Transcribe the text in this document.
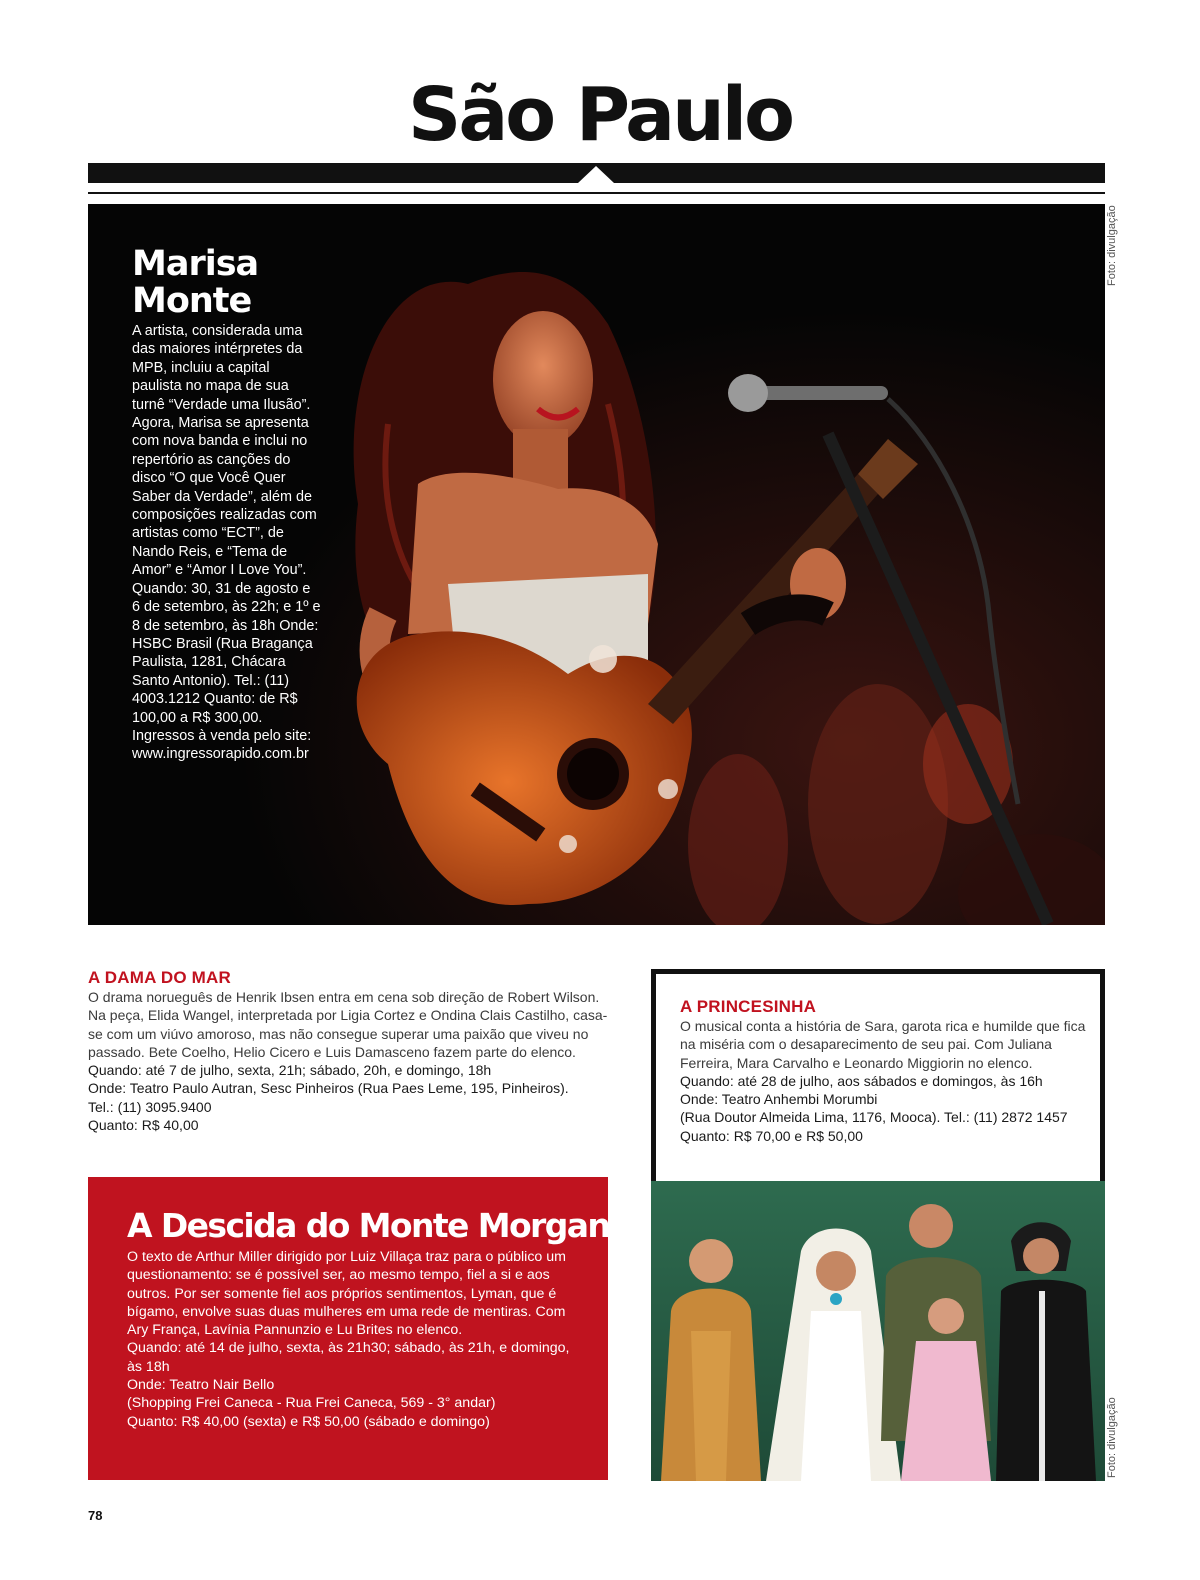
São Paulo
Marisa Monte
A artista, considerada uma das maiores intérpretes da MPB, incluiu a capital paulista no mapa de sua turnê “Verdade uma Ilusão”. Agora, Marisa se apresenta com nova banda e inclui no repertório as canções do disco “O que Você Quer Saber da Verdade”, além de composições realizadas com artistas como “ECT”, de Nando Reis, e “Tema de Amor” e “Amor I Love You”. Quando: 30, 31 de agosto e 6 de setembro, às 22h; e 1º e 8 de setembro, às 18h Onde: HSBC Brasil (Rua Bragança Paulista, 1281, Chácara Santo Antonio). Tel.: (11) 4003.1212 Quanto: de R$ 100,00 a R$ 300,00. Ingressos à venda pelo site: www.ingressorapido.com.br
Foto: divulgação
A DAMA DO MAR
O drama norueguês de Henrik Ibsen entra em cena sob direção de Robert Wilson. Na peça, Elida Wangel, interpretada por Ligia Cortez e Ondina Clais Castilho, casa-se com um viúvo amoroso, mas não consegue superar uma paixão que viveu no passado. Bete Coelho, Helio Cicero e Luis Damasceno fazem parte do elenco.
Quando: até 7 de julho, sexta, 21h; sábado, 20h, e domingo, 18h
Onde: Teatro Paulo Autran, Sesc Pinheiros (Rua Paes Leme, 195, Pinheiros).
Tel.: (11) 3095.9400
Quanto: R$ 40,00
A PRINCESINHA
O musical conta a história de Sara, garota rica e humilde que fica na miséria com o desaparecimento de seu pai. Com Juliana Ferreira, Mara Carvalho e Leonardo Miggiorin no elenco.
Quando: até 28 de julho, aos sábados e domingos, às 16h
Onde: Teatro Anhembi Morumbi
(Rua Doutor Almeida Lima, 1176, Mooca). Tel.: (11) 2872 1457
Quanto: R$ 70,00 e R$ 50,00
Foto: divulgação
A Descida do Monte Morgan
O texto de Arthur Miller dirigido por Luiz Villaça traz para o público um questionamento: se é possível ser, ao mesmo tempo, fiel a si e aos outros. Por ser somente fiel aos próprios sentimentos, Lyman, que é bígamo, envolve suas duas mulheres em uma rede de mentiras. Com Ary França, Lavínia Pannunzio e Lu Brites no elenco.
Quando: até 14 de julho, sexta, às 21h30; sábado, às 21h, e domingo, às 18h
Onde: Teatro Nair Bello
(Shopping Frei Caneca - Rua Frei Caneca, 569 - 3° andar)
Quanto: R$ 40,00 (sexta) e R$ 50,00 (sábado e domingo)
78
